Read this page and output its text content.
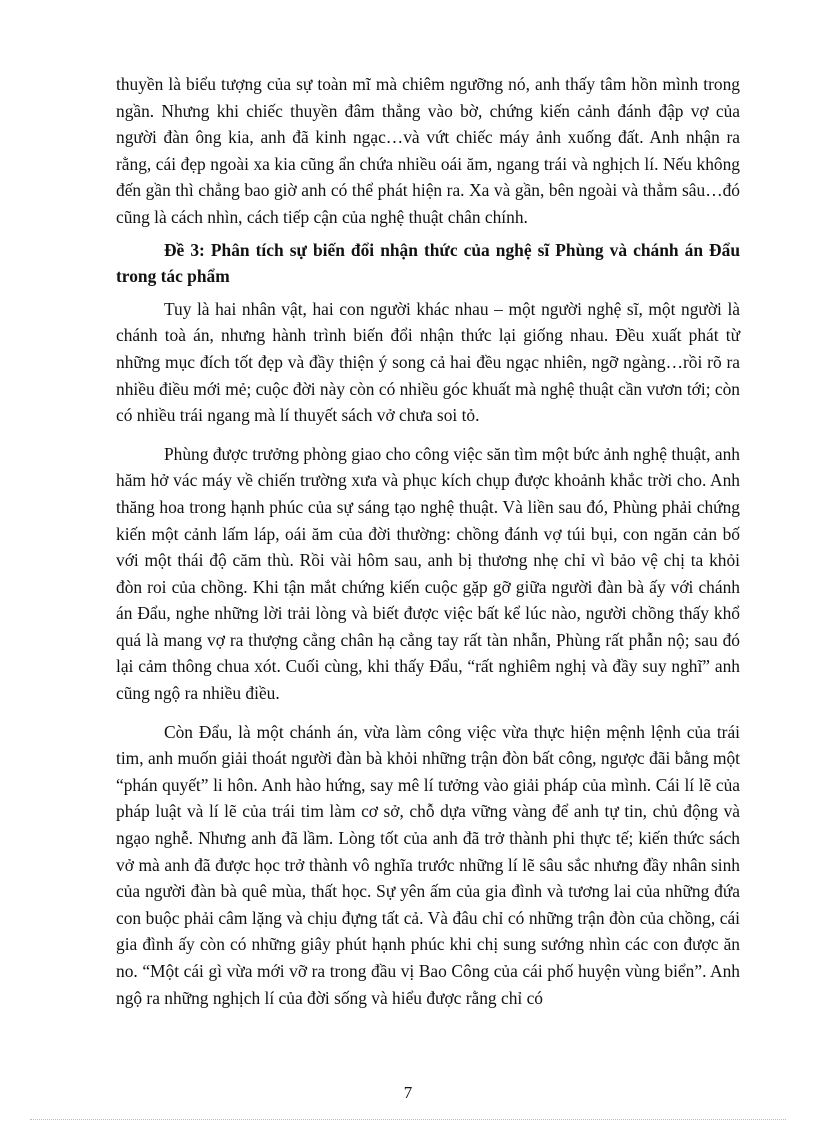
thuyền là biểu tượng của sự toàn mĩ mà chiêm ngưỡng nó, anh thấy tâm hồn mình trong ngần. Nhưng khi chiếc thuyền đâm thẳng vào bờ, chứng kiến cảnh đánh đập vợ của người đàn ông kia, anh đã kinh ngạc…và vứt chiếc máy ảnh xuống đất. Anh nhận ra rằng, cái đẹp ngoài xa kia cũng ẩn chứa nhiều oái ăm, ngang trái và nghịch lí. Nếu không đến gần thì chẳng bao giờ anh có thể phát hiện ra. Xa và gần, bên ngoài và thẳm sâu…đó cũng là cách nhìn, cách tiếp cận của nghệ thuật chân chính.

Đề 3: Phân tích sự biến đổi nhận thức của nghệ sĩ Phùng và chánh án Đẩu trong tác phẩm

Tuy là hai nhân vật, hai con người khác nhau – một người nghệ sĩ, một người là chánh toà án, nhưng hành trình biến đổi nhận thức lại giống nhau. Đều xuất phát từ những mục đích tốt đẹp và đầy thiện ý song cả hai đều ngạc nhiên, ngỡ ngàng…rồi rõ ra nhiều điều mới mẻ; cuộc đời này còn có nhiều góc khuất mà nghệ thuật cần vươn tới; còn có nhiều trái ngang mà lí thuyết sách vở chưa soi tỏ.

Phùng được trưởng phòng giao cho công việc săn tìm một bức ảnh nghệ thuật, anh hăm hở vác máy về chiến trường xưa và phục kích chụp được khoảnh khắc trời cho. Anh thăng hoa trong hạnh phúc của sự sáng tạo nghệ thuật. Và liền sau đó, Phùng phải chứng kiến một cảnh lấm láp, oái ăm của đời thường: chồng đánh vợ túi bụi, con ngăn cản bố với một thái độ căm thù. Rồi vài hôm sau, anh bị thương nhẹ chỉ vì bảo vệ chị ta khỏi đòn roi của chồng. Khi tận mắt chứng kiến cuộc gặp gỡ giữa người đàn bà ấy với chánh án Đẩu, nghe những lời trải lòng và biết được việc bất kể lúc nào, người chồng thấy khổ quá là mang vợ ra thượng cẳng chân hạ cẳng tay rất tàn nhẫn, Phùng rất phẫn nộ; sau đó lại cảm thông chua xót. Cuối cùng, khi thấy Đẩu, “rất nghiêm nghị và đầy suy nghĩ” anh cũng ngộ ra nhiều điều.

Còn Đẩu, là một chánh án, vừa làm công việc vừa thực hiện mệnh lệnh của trái tim, anh muốn giải thoát người đàn bà khỏi những trận đòn bất công, ngược đãi bằng một “phán quyết” li hôn. Anh hào hứng, say mê lí tưởng vào giải pháp của mình. Cái lí lẽ của pháp luật và lí lẽ của trái tim làm cơ sở, chỗ dựa vững vàng để anh tự tin, chủ động và ngạo nghễ. Nhưng anh đã lầm. Lòng tốt của anh đã trở thành phi thực tế; kiến thức sách vở mà anh đã được học trở thành vô nghĩa trước những lí lẽ sâu sắc nhưng đầy nhân sinh của người đàn bà quê mùa, thất học. Sự yên ấm của gia đình và tương lai của những đứa con buộc phải câm lặng và chịu đựng tất cả. Và đâu chỉ có những trận đòn của chồng, cái gia đình ấy còn có những giây phút hạnh phúc khi chị sung sướng nhìn các con được ăn no. “Một cái gì vừa mới vỡ ra trong đầu vị Bao Công của cái phố huyện vùng biển”. Anh ngộ ra những nghịch lí của đời sống và hiểu được rằng chỉ có

7
